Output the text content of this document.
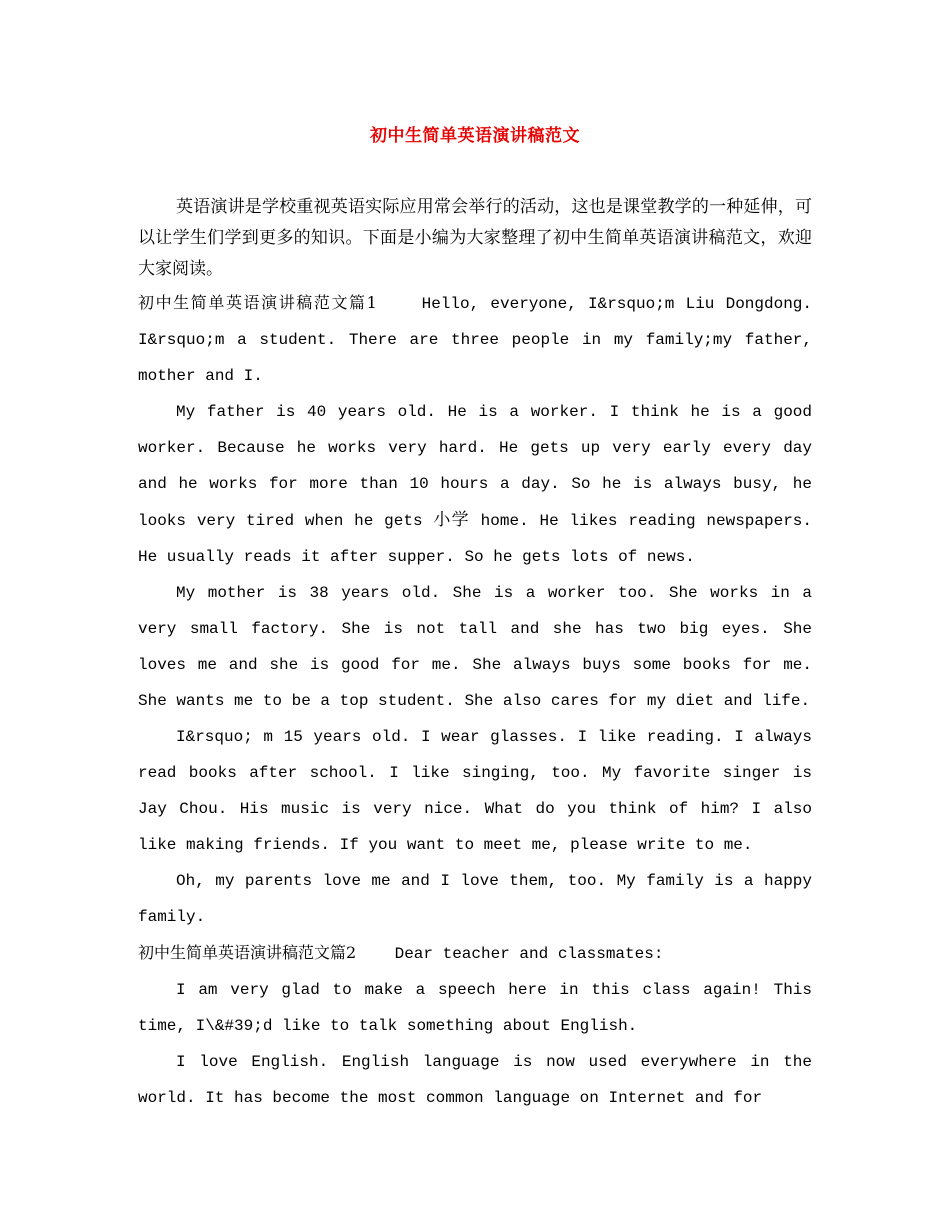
初中生简单英语演讲稿范文

英语演讲是学校重视英语实际应用常会举行的活动，这也是课堂教学的一种延伸，可以让学生们学到更多的知识。下面是小编为大家整理了初中生简单英语演讲稿范文，欢迎大家阅读。

初中生简单英语演讲稿范文篇1	Hello, everyone, I&rsquo;m Liu Dongdong. I&rsquo;m a student. There are three people in my family;my father, mother and I.

My father is 40 years old. He is a worker. I think he is a good worker. Because he works very hard. He gets up very early every day and he works for more than 10 hours a day. So he is always busy, he looks very tired when he gets 小学 home. He likes reading newspapers. He usually reads it after supper. So he gets lots of news.

My mother is 38 years old. She is a worker too. She works in a very small factory. She is not tall and she has two big eyes. She loves me and she is good for me. She always buys some books for me. She wants me to be a top student. She also cares for my diet and life.

I&rsquo; m 15 years old. I wear glasses. I like reading. I always read books after school. I like singing, too. My favorite singer is Jay Chou. His music is very nice. What do you think of him? I also like making friends. If you want to meet me, please write to me.

Oh, my parents love me and I love them, too. My family is a happy family.

初中生简单英语演讲稿范文篇2 Dear teacher and classmates:

I am very glad to make a speech here in this class again! This time, I\&#39;d like to talk something about English.

I love English. English language is now used everywhere in the world. It has become the most common language on Internet and for
